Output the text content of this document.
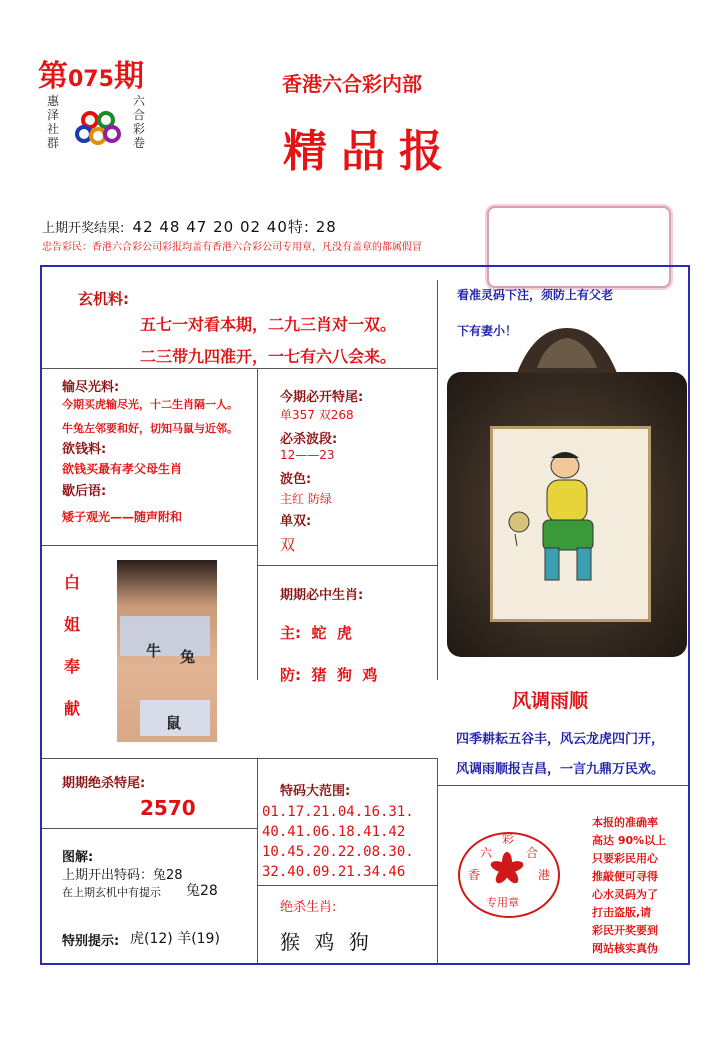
第075期
惠
泽
社
群
六
合
彩
卷
香港六合彩内部
精品报
上期开奖结果: 42 48 47 20 02 40特: 28
忠告彩民：香港六合彩公司彩报均盖有香港六合彩公司专用章，凡没有盖章的都属假冒
玄机料:
五七一对看本期，二九三肖对一双。
二三带九四准开，一七有六八会来。
看准灵码下注，须防上有父老
下有妻小！
输尽光料:
今期买虎输尽光，十二生肖隔一人。
牛兔左邻要和好，切知马鼠与近邻。
欲钱料:
欲钱买最有孝父母生肖
歇后语:
矮子观光——随声附和
今期必开特尾:
单357 双268
必杀波段:
12——23
波色:
主红 防绿
单双:
双
白
姐
奉
献
牛 兔
鼠
期期必中生肖:
主:  蛇  虎
防:  猪  狗  鸡
风调雨顺
四季耕耘五谷丰，风云龙虎四门开，
风调雨顺报吉昌，一言九鼎万民欢。
期期绝杀特尾:
2570
特码大范围:
01.17.21.04.16.31.
40.41.06.18.41.42
10.45.20.22.08.30.
32.40.09.21.34.46
图解:
上期开出特码：兔28
在上期玄机中有提示 兔28
特别提示: 虎(12) 羊(19)
绝杀生肖:
猴 鸡 狗
六
彩
合
香	港
专用章
本报的准确率
高达 90%以上
只要彩民用心
推敲便可寻得
心水灵码为了
打击盗版,请
彩民开奖要到
网站核实真伪
